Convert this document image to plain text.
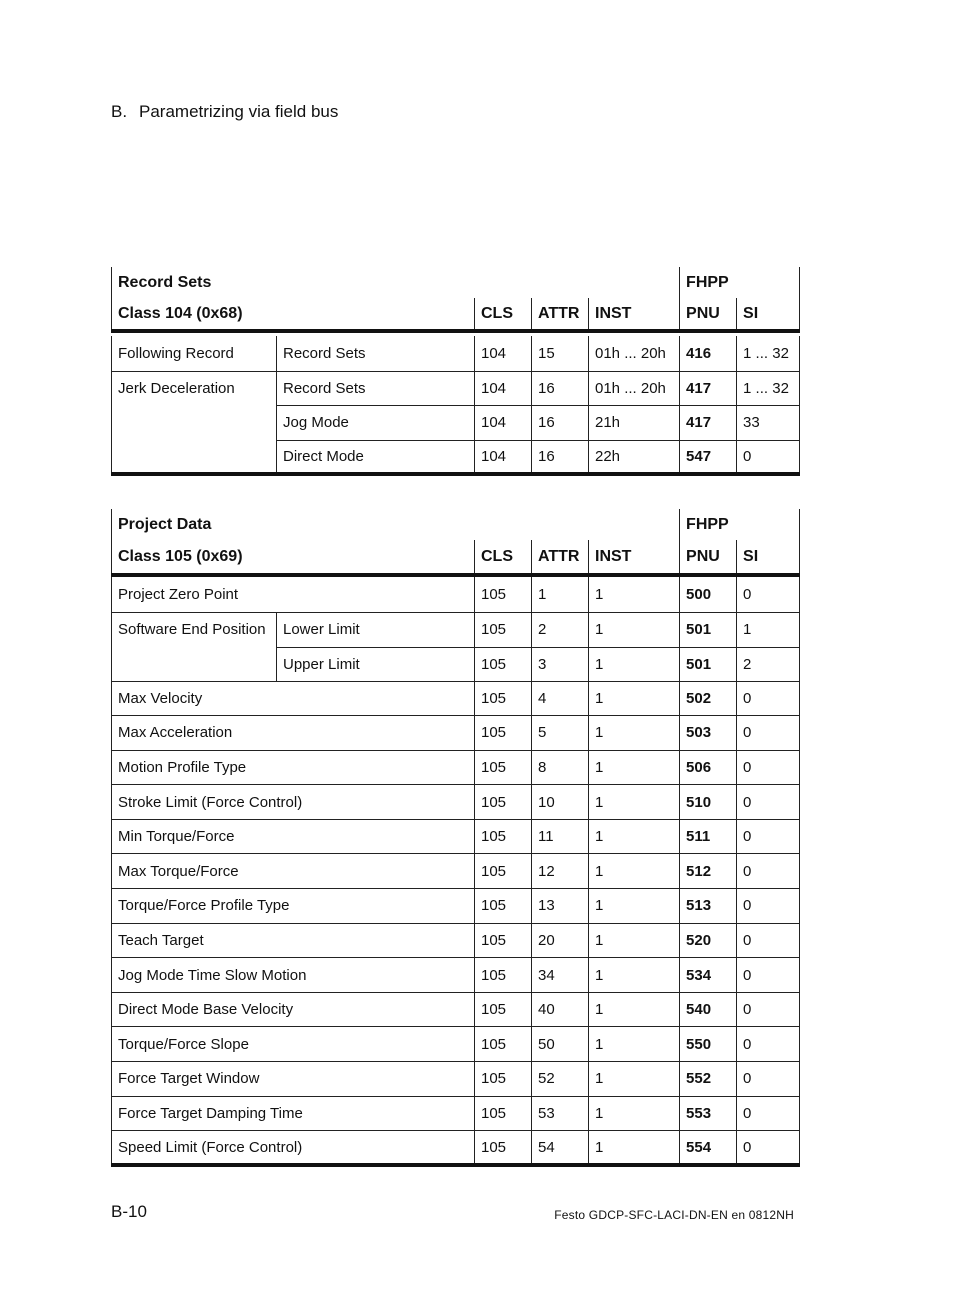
B. Parametrizing via field bus
Record Sets					FHPP	
Class 104 (0x68)		CLS	ATTR	INST	PNU	SI

Following Record	Record Sets	104	15	01h ... 20h	416	1 ... 32
Jerk Deceleration	Record Sets	104	16	01h ... 20h	417	1 ... 32
	Jog Mode	104	16	21h	417	33
	Direct Mode	104	16	22h	547	0
Project Data					FHPP	
Class 105 (0x69)		CLS	ATTR	INST	PNU	SI
Project Zero Point		105	1	1	500	0
Software End Position	Lower Limit	105	2	1	501	1
	Upper Limit	105	3	1	501	2
Max Velocity		105	4	1	502	0
Max Acceleration		105	5	1	503	0
Motion Profile Type		105	8	1	506	0
Stroke Limit (Force Control)		105	10	1	510	0
Min Torque/Force		105	11	1	511	0
Max Torque/Force		105	12	1	512	0
Torque/Force Profile Type		105	13	1	513	0
Teach Target		105	20	1	520	0
Jog Mode Time Slow Motion		105	34	1	534	0
Direct Mode Base Velocity		105	40	1	540	0
Torque/Force Slope		105	50	1	550	0
Force Target Window		105	52	1	552	0
Force Target Damping Time		105	53	1	553	0
Speed Limit (Force Control)		105	54	1	554	0
B-10	Festo GDCP-SFC-LACI-DN-EN en 0812NH
